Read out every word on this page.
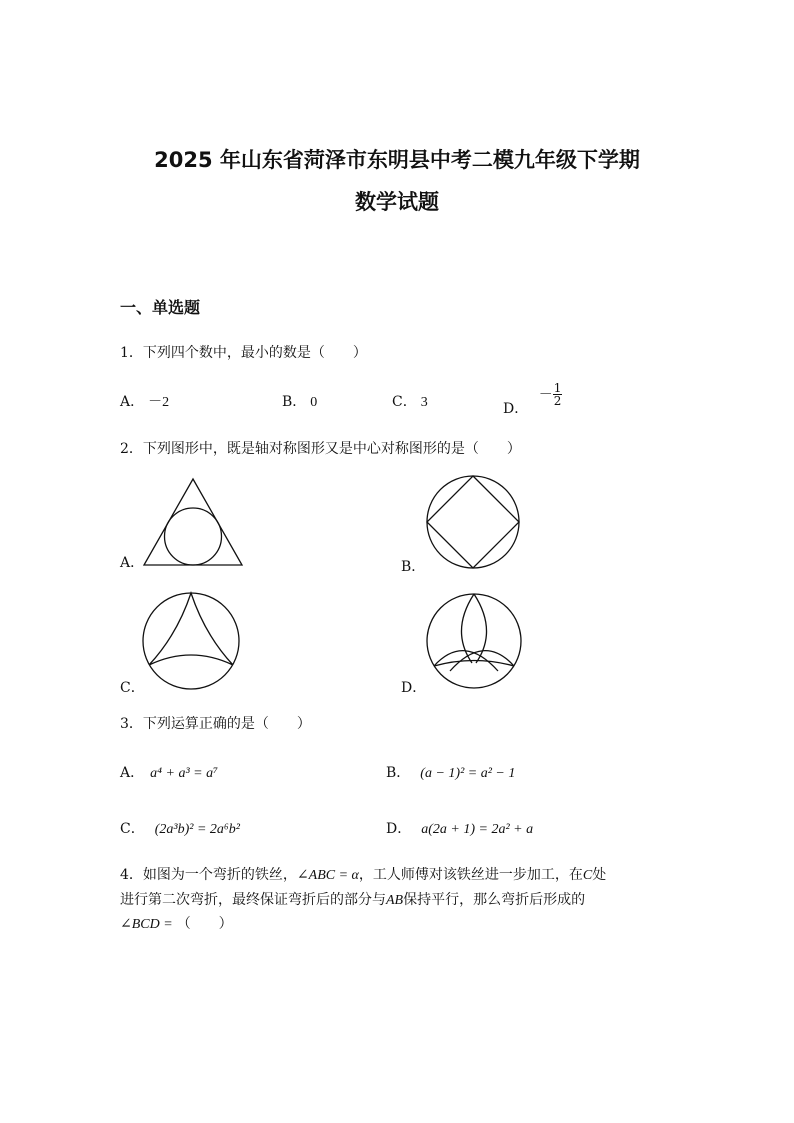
2025 年山东省菏泽市东明县中考二模九年级下学期
数学试题
一、单选题
1．下列四个数中，最小的数是（　　）
A． －2	B． 0	C． 3	D． － $\frac{1}{2}$
2．下列图形中，既是轴对称图形又是中心对称图形的是（　　）
A．	B．
C．	D．
3．下列运算正确的是（　　）
A． a⁴ + a³ = a⁷	B． (a − 1)² = a² − 1
C． (2a³b)² = 2a⁶b²	D． a(2a + 1) = 2a² + a
4．如图为一个弯折的铁丝，∠ABC = α，工人师傅对该铁丝进一步加工，在C处
进行第二次弯折，最终保证弯折后的部分与AB保持平行，那么弯折后形成的
∠BCD = （　　）
